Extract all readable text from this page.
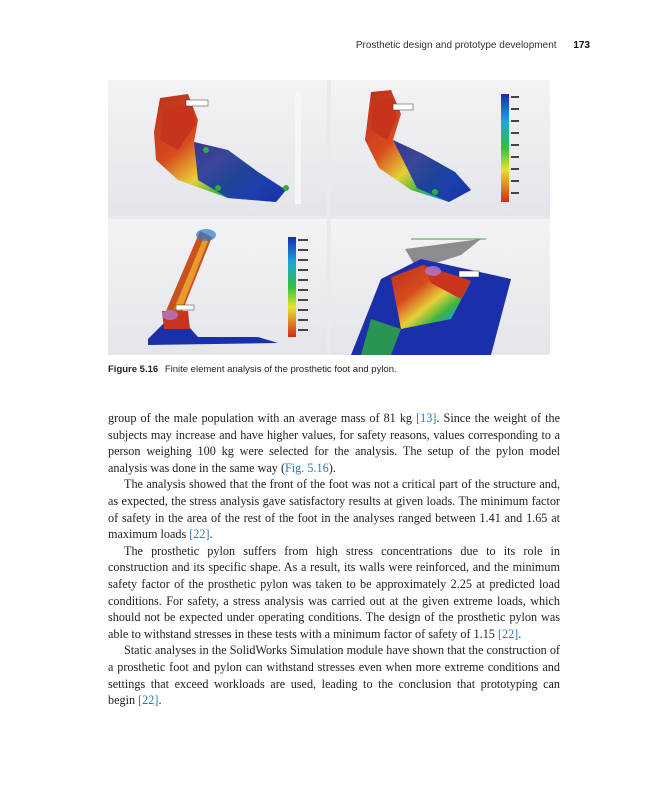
Prosthetic design and prototype development 173
Figure 5.16 Finite element analysis of the prosthetic foot and pylon.

group of the male population with an average mass of 81 kg [13]. Since the weight of the subjects may increase and have higher values, for safety reasons, values corresponding to a person weighing 100 kg were selected for the analysis. The setup of the pylon model analysis was done in the same way (Fig. 5.16).

The analysis showed that the front of the foot was not a critical part of the structure and, as expected, the stress analysis gave satisfactory results at given loads. The minimum factor of safety in the area of the rest of the foot in the analyses ranged between 1.41 and 1.65 at maximum loads [22].

The prosthetic pylon suffers from high stress concentrations due to its role in construction and its specific shape. As a result, its walls were reinforced, and the minimum safety factor of the prosthetic pylon was taken to be approximately 2.25 at predicted load conditions. For safety, a stress analysis was carried out at the given extreme loads, which should not be expected under operating conditions. The design of the prosthetic pylon was able to withstand stresses in these tests with a minimum factor of safety of 1.15 [22].

Static analyses in the SolidWorks Simulation module have shown that the construction of a prosthetic foot and pylon can withstand stresses even when more extreme conditions and settings that exceed workloads are used, leading to the conclusion that prototyping can begin [22].
